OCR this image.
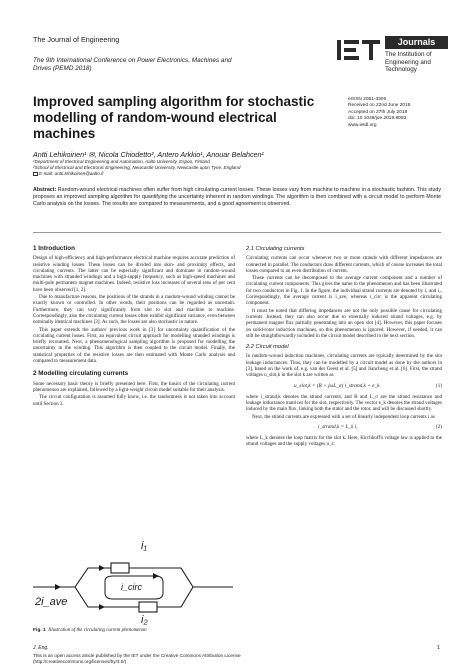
The Journal of Engineering
The 9th International Conference on Power Electronics, Machines and
Drives (PEMD 2018)
Journals
The Institution of
Engineering and Technology
Improved sampling algorithm for stochastic
modelling of random-wound electrical
machines
eISSN 2051-3305
Received on 22nd June 2018
Accepted on 27th July 2018
doi: 10.1049/joe.2018.8093
www.ietdl.org
Antti Lehikoinen¹ ✉, Nicola Chiodetto², Antero Arkkio¹, Anouar Belahcen¹
¹Department of Electrical Engineering and Automation, Aalto University, Espoo, Finland
²School of Electrical and Electronic Engineering, Newcastle University, Newcastle upon Tyne, England
E-mail: antti.lehikoinen@aalto.fi
Abstract: Random-wound electrical machines often suffer from high circulating current losses. These losses vary from machine to machine in a stochastic fashion. This study proposes an improved sampling algorithm for quantifying the uncertainty inherent in random windings. The algorithm is then combined with a circuit model to perform Monte Carlo analysis on the losses. The results are compared to measurements, and a good agreement is observed.
1 Introduction

Design of high-efficiency and high-performance electrical machine requires accurate prediction of resistive winding losses. These losses can be divided into skin- and proximity effects, and circulating currents. The latter can be especially significant and dominate in random-wound machines with stranded windings and a high-supply frequency, such as high-speed machines and multi-pole permanent magnet machines. Indeed, resistive loss increases of several tens of per cent have been observed [1, 2].

Due to manufacture reasons, the positions of the strands in a random-wound winding cannot be exactly known or controlled. In other words, their positions can be regarded as uncertain. Furthermore, they can vary significantly from slot to slot and machine to machine. Correspondingly, also the circulating current losses often exhibit significant variance, even between nominally identical machines [3]. As such, the losses are also stochastic in nature.

This paper extends the authors' previous work in [3] for uncertainty quantification of the circulating current losses. First, an equivalent circuit approach for modelling stranded windings is briefly recounted. Next, a phenomenological sampling algorithm is proposed for modelling the uncertainty in the winding. This algorithm is then coupled to the circuit model. Finally, the statistical properties of the resistive losses are then estimated with Monte Carlo analysis and compared to measurement data.

2 Modelling circulating currents

Some necessary basic theory is briefly presented here. First, the basics of the circulating current phenomenon are explained, followed by a light-weight circuit model suitable for their analysis.

The circuit configuration is assumed fully know, i.e. the randomness is not taken into account until Section 3.

i₁
i₂
i_circ
2i_ave
Fig. 1 Illustration of the circulating current phenomenon
2.1 Circulating currents

Circulating currents can occur whenever two or more strands with different impedances are connected in parallel. The conductors draw different currents, which of course increases the total losses compared to an even distribution of current.

These currents can be decomposed to the average current component and a number of circulating current components. This gives the name to the phenomenon and has been illustrated for two conductors in Fig. 1. In the figure, the individual strand currents are denoted by i₁ and i₂. Correspondingly, the average current is i_ave, whereas i_circ is the apparent circulating component.

It must be noted that differing impedances are not the only possible cause for circulating currents. Instead, they can also occur due to externally induced strand voltages, e.g. by permanent magnet flux partially penetrating into an open slot [4]. However, this paper focuses on solid-rotor induction machines, so this phenomenon is ignored. However, if needed, it can still be straightforwardly included in the circuit model described in the next section.

2.2 Circuit model

In random-wound induction machines, circulating currents are typically determined by the slot leakage inductances. Thus, they can be modelled by a circuit model as done by the authors in [3], based on the work of, e.g. van der Geest et al. [5] and Jiancheng et al. [6]. First, the strand voltages u_slot,k in the slot k are written as

u_slot,k = (R + jωL_σ) i_strand,k + e_k	(1)

where i_strand,k denotes the strand currents, and R and L_σ are the strand resistance and leakage inductance matrices for the slot, respectively. The vector e_k denotes the strand voltages induced by the main flux, linking both the stator and the rotor, and will be discussed shortly.

Next, the strand currents are expressed with a set of linearly independent loop currents i as

i_strand,k = L_k i,	(2)

where L_k denotes the loop matrix for the slot k. Here, Kirchhoff's voltage law is applied to the strand voltages and the supply voltages u_s:

J. Eng.
This is an open access article published by the IET under the Creative Commons Attribution License
(http://creativecommons.org/licenses/by/3.0/)
1
